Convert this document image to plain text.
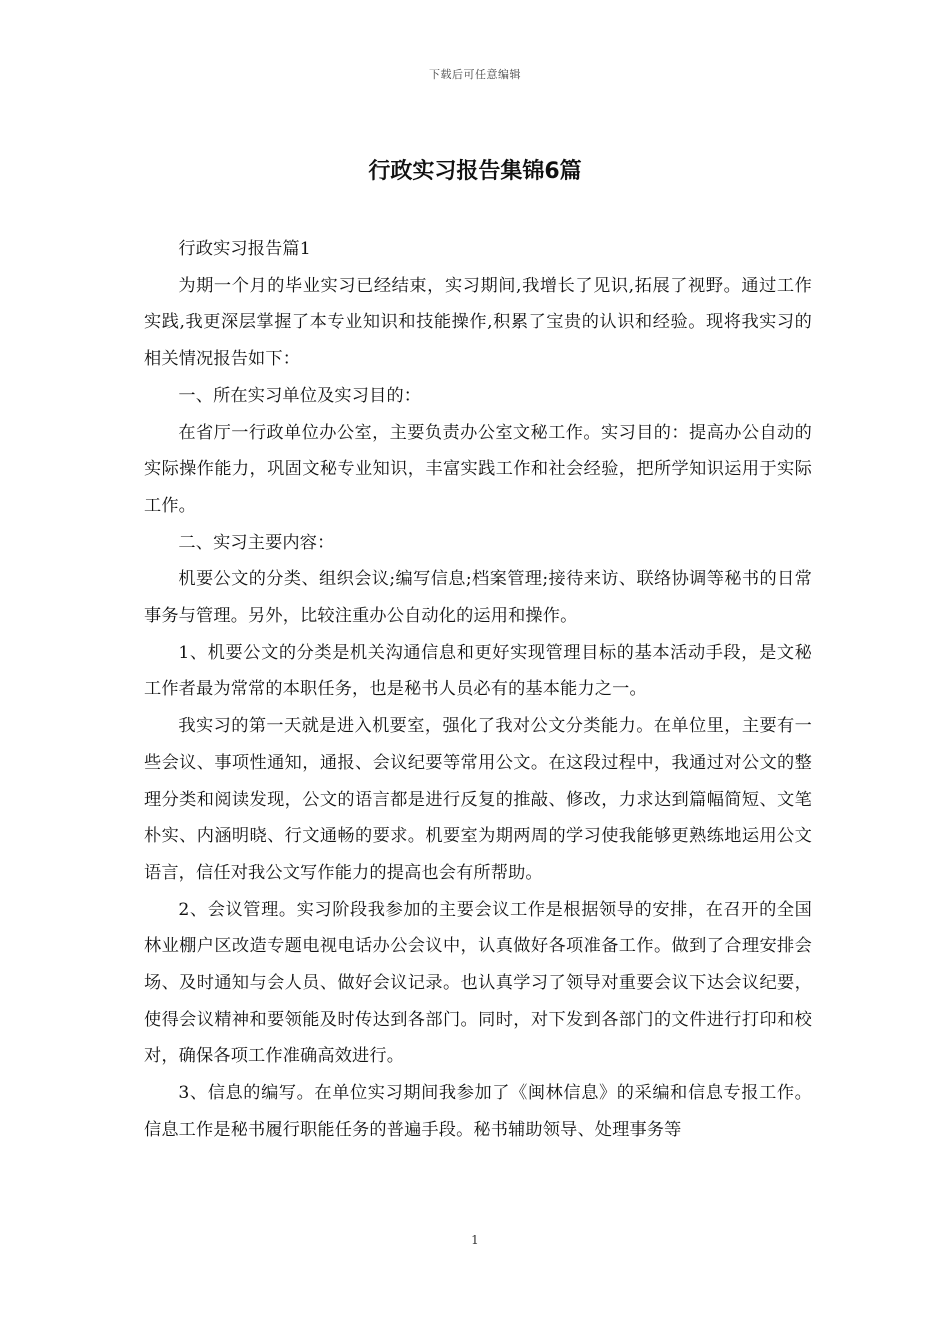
下载后可任意编辑
行政实习报告集锦6篇

行政实习报告篇1

为期一个月的毕业实习已经结束，实习期间,我增长了见识,拓展了视野。通过工作实践,我更深层掌握了本专业知识和技能操作,积累了宝贵的认识和经验。现将我实习的相关情况报告如下：

一、所在实习单位及实习目的：

在省厅一行政单位办公室，主要负责办公室文秘工作。实习目的：提高办公自动的实际操作能力，巩固文秘专业知识，丰富实践工作和社会经验，把所学知识运用于实际工作。

二、实习主要内容：

机要公文的分类、组织会议;编写信息;档案管理;接待来访、联络协调等秘书的日常事务与管理。另外，比较注重办公自动化的运用和操作。

1、机要公文的分类是机关沟通信息和更好实现管理目标的基本活动手段，是文秘工作者最为常常的本职任务，也是秘书人员必有的基本能力之一。

我实习的第一天就是进入机要室，强化了我对公文分类能力。在单位里，主要有一些会议、事项性通知，通报、会议纪要等常用公文。在这段过程中，我通过对公文的整理分类和阅读发现，公文的语言都是进行反复的推敲、修改，力求达到篇幅简短、文笔朴实、内涵明晓、行文通畅的要求。机要室为期两周的学习使我能够更熟练地运用公文语言，信任对我公文写作能力的提高也会有所帮助。

2、会议管理。实习阶段我参加的主要会议工作是根据领导的安排，在召开的全国林业棚户区改造专题电视电话办公会议中，认真做好各项准备工作。做到了合理安排会场、及时通知与会人员、做好会议记录。也认真学习了领导对重要会议下达会议纪要，使得会议精神和要领能及时传达到各部门。同时，对下发到各部门的文件进行打印和校对，确保各项工作准确高效进行。

3、信息的编写。在单位实习期间我参加了《闽林信息》的采编和信息专报工作。信息工作是秘书履行职能任务的普遍手段。秘书辅助领导、处理事务等

1
